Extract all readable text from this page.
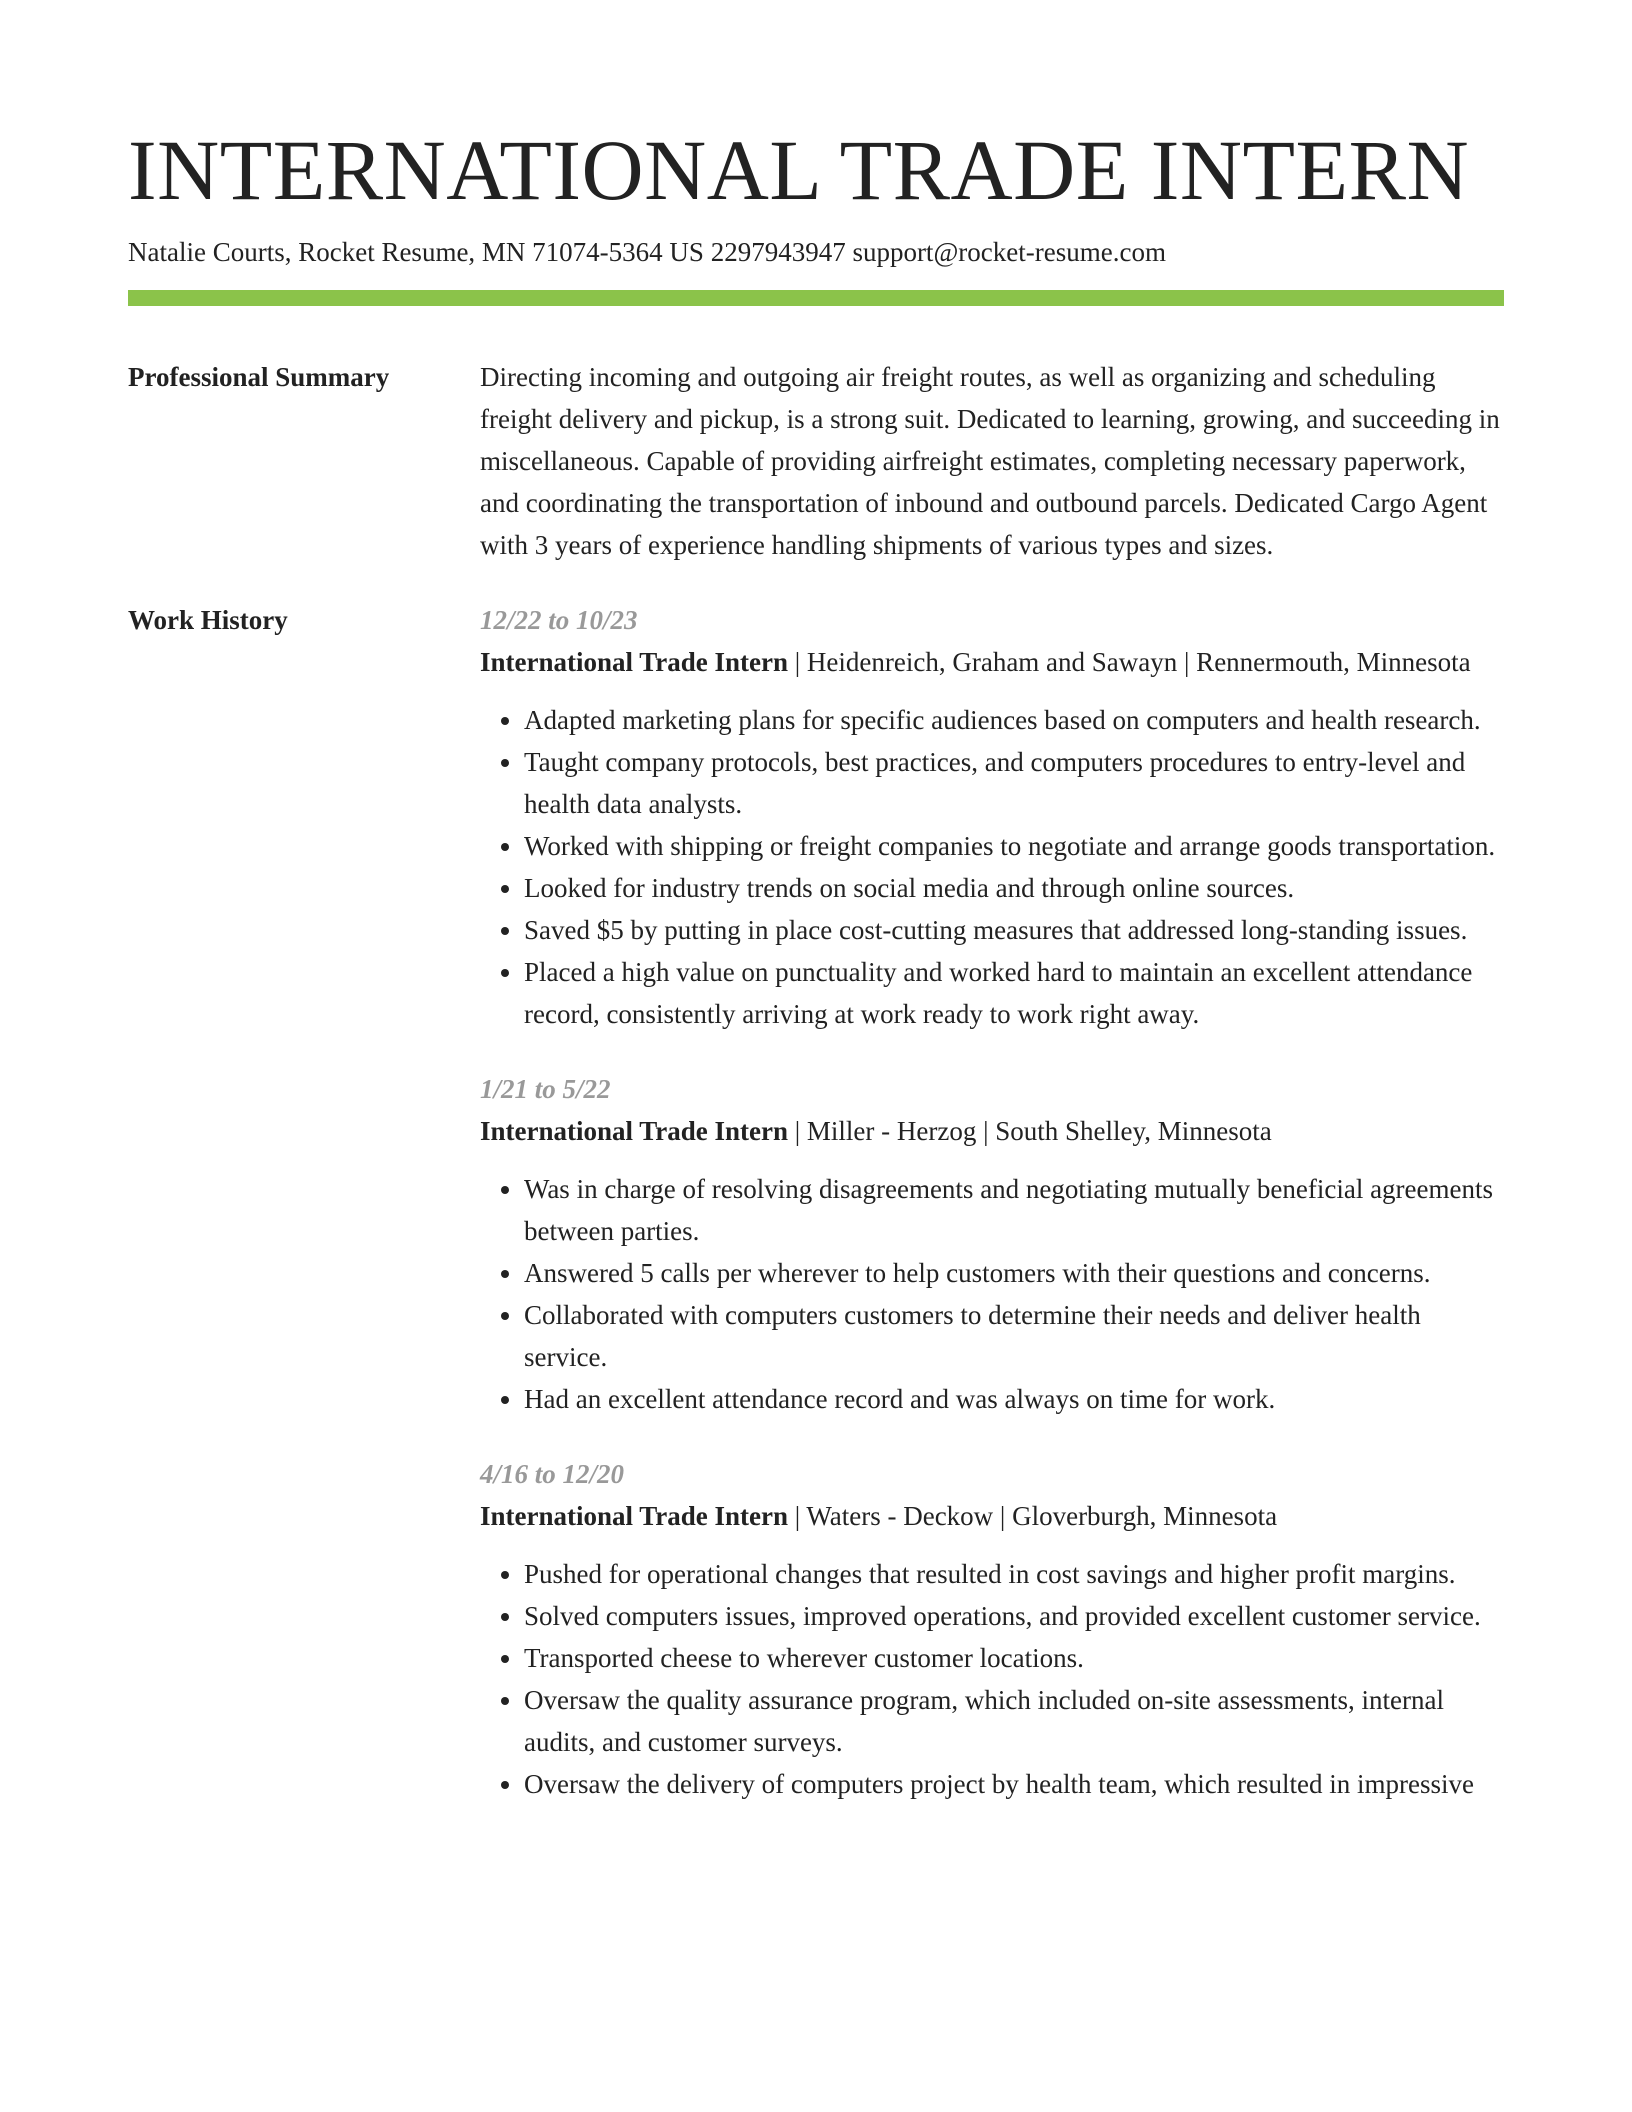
INTERNATIONAL TRADE INTERN
Natalie Courts, Rocket Resume, MN 71074-5364 US 2297943947 support@rocket-resume.com
Professional Summary	Directing incoming and outgoing air freight routes, as well as organizing and scheduling freight delivery and pickup, is a strong suit. Dedicated to learning, growing, and succeeding in miscellaneous. Capable of providing airfreight estimates, completing necessary paperwork, and coordinating the transportation of inbound and outbound parcels. Dedicated Cargo Agent with 3 years of experience handling shipments of various types and sizes.

Work History	12/22 to 10/23
International Trade Intern | Heidenreich, Graham and Sawayn | Rennermouth, Minnesota
• Adapted marketing plans for specific audiences based on computers and health research.
• Taught company protocols, best practices, and computers procedures to entry-level and health data analysts.
• Worked with shipping or freight companies to negotiate and arrange goods transportation.
• Looked for industry trends on social media and through online sources.
• Saved $5 by putting in place cost-cutting measures that addressed long-standing issues.
• Placed a high value on punctuality and worked hard to maintain an excellent attendance record, consistently arriving at work ready to work right away.
1/21 to 5/22
International Trade Intern | Miller - Herzog | South Shelley, Minnesota
• Was in charge of resolving disagreements and negotiating mutually beneficial agreements between parties.
• Answered 5 calls per wherever to help customers with their questions and concerns.
• Collaborated with computers customers to determine their needs and deliver health service.
• Had an excellent attendance record and was always on time for work.
4/16 to 12/20
International Trade Intern | Waters - Deckow | Gloverburgh, Minnesota
• Pushed for operational changes that resulted in cost savings and higher profit margins.
• Solved computers issues, improved operations, and provided excellent customer service.
• Transported cheese to wherever customer locations.
• Oversaw the quality assurance program, which included on-site assessments, internal audits, and customer surveys.
• Oversaw the delivery of computers project by health team, which resulted in impressive
